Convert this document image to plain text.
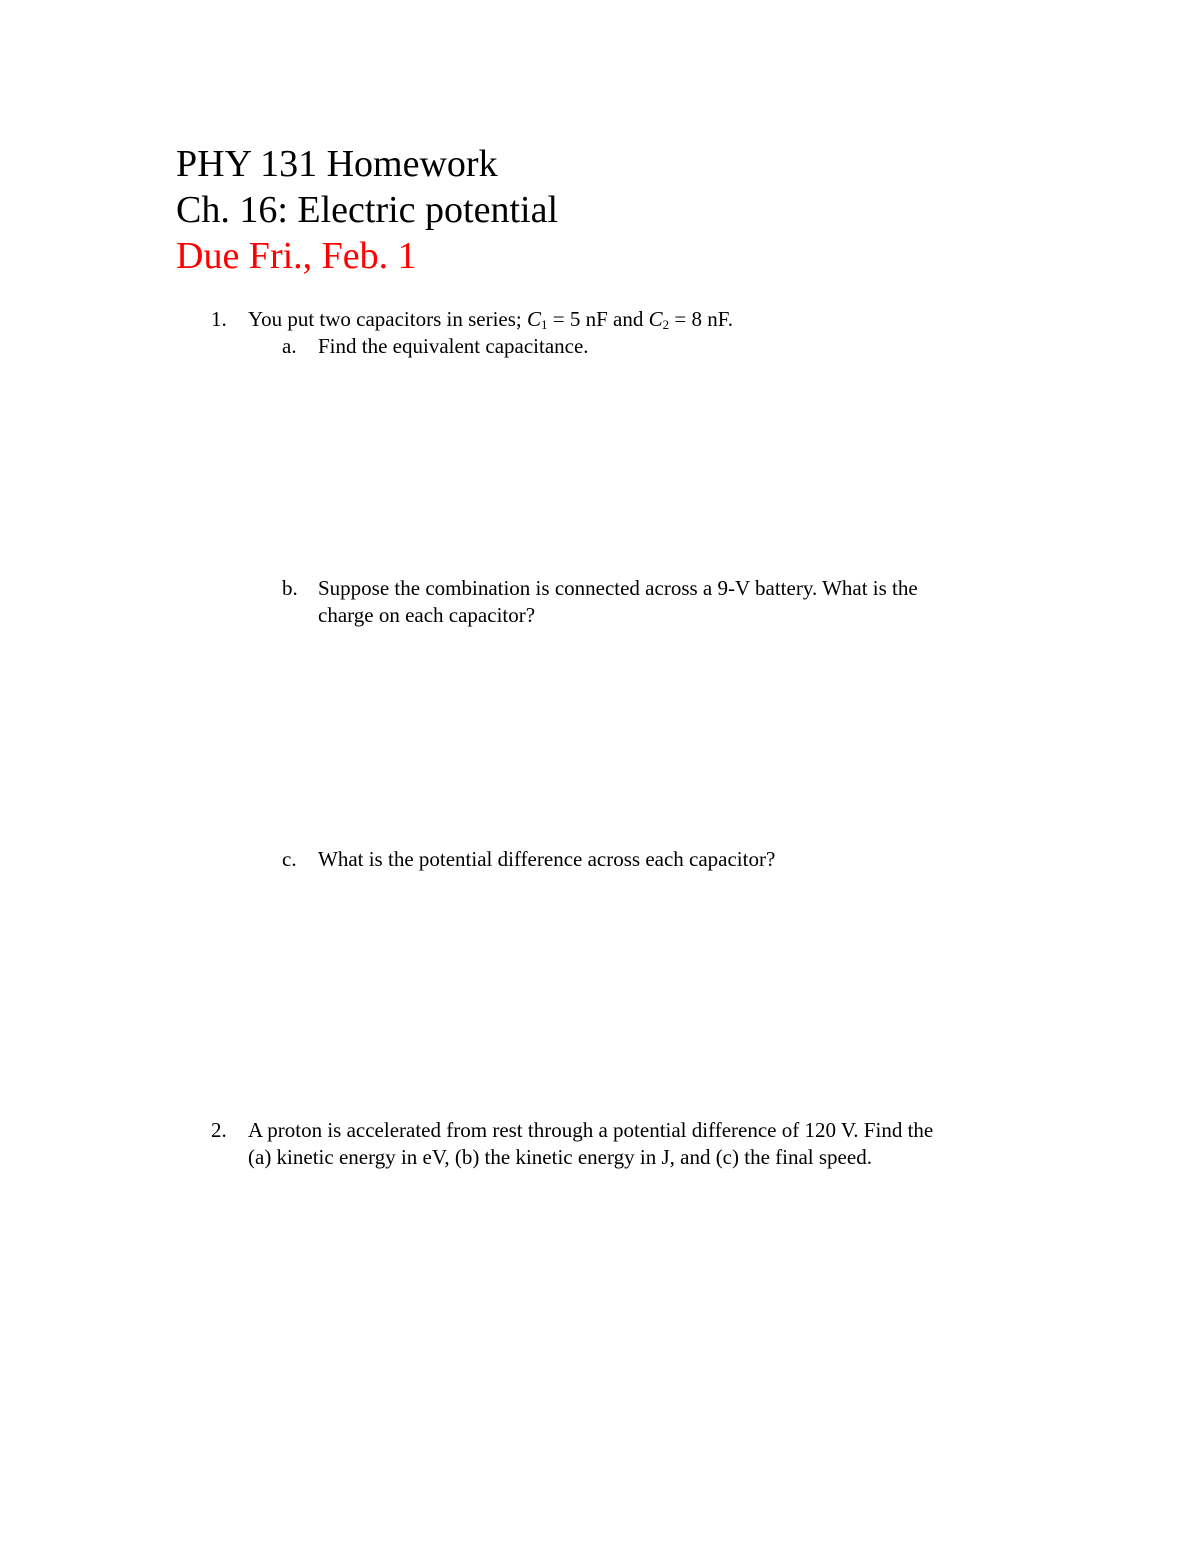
PHY 131 Homework
Ch. 16: Electric potential
Due Fri., Feb. 1
1. You put two capacitors in series; $C_1 = 5$ nF and $C_2 = 8$ nF.
a. Find the equivalent capacitance.
b. Suppose the combination is connected across a 9-V battery. What is the
charge on each capacitor?
c. What is the potential difference across each capacitor?
2. A proton is accelerated from rest through a potential difference of 120 V. Find the
(a) kinetic energy in eV, (b) the kinetic energy in J, and (c) the final speed.
